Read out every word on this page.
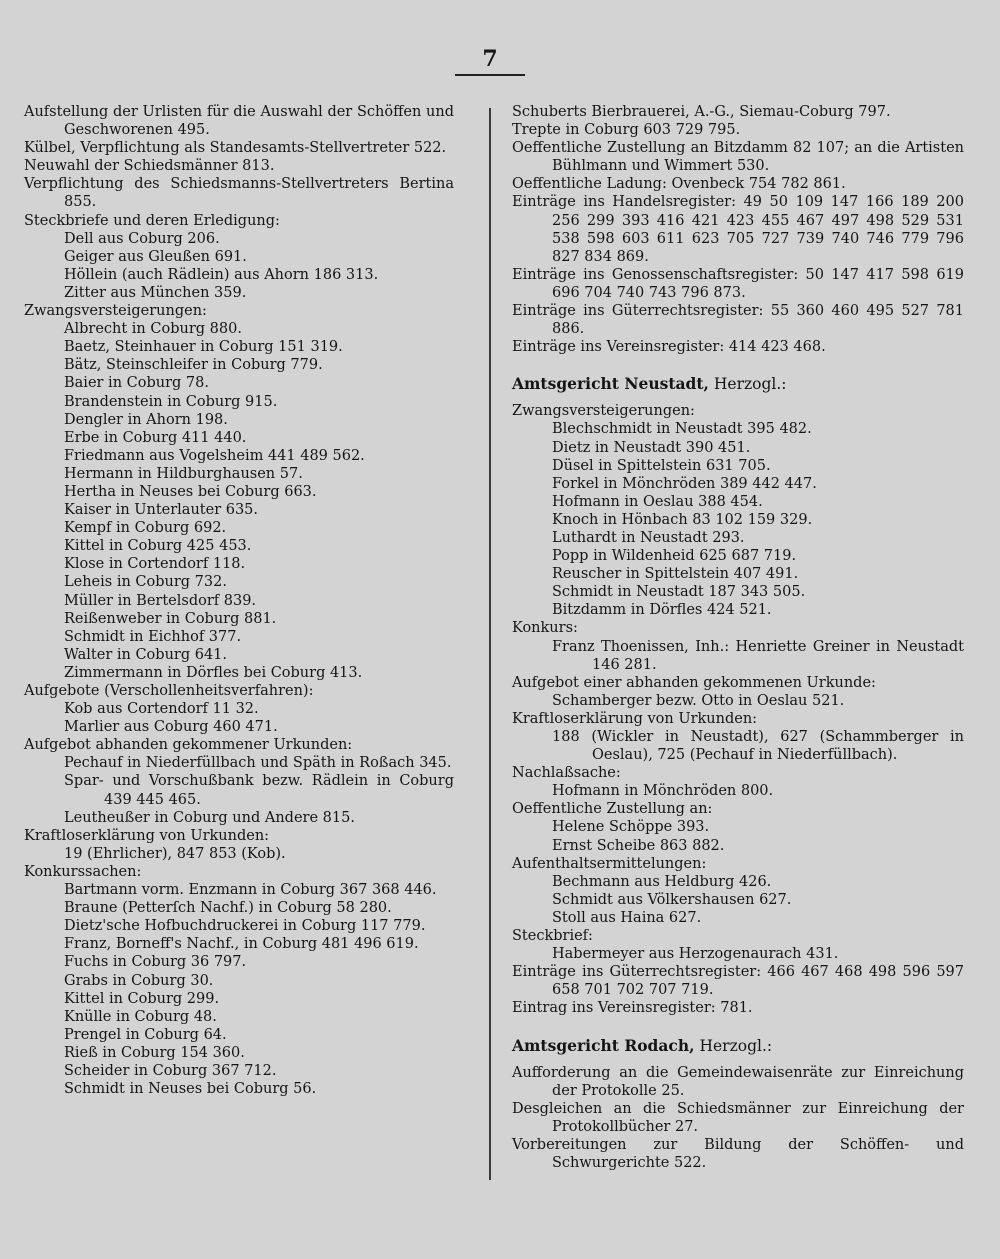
7
Aufstellung der Urlisten für die Auswahl der Schöffen und Geschworenen 495.
Külbel, Verpflichtung als Standesamts-Stellvertreter 522.
Neuwahl der Schiedsmänner 813.
Verpflichtung des Schiedsmanns-Stellvertreters Bertina 855.
Steckbriefe und deren Erledigung:
Dell aus Coburg 206.
Geiger aus Gleußen 691.
Höllein (auch Rädlein) aus Ahorn 186 313.
Zitter aus München 359.
Zwangsversteigerungen:
Albrecht in Coburg 880.
Baetz, Steinhauer in Coburg 151 319.
Bätz, Steinschleifer in Coburg 779.
Baier in Coburg 78.
Brandenstein in Coburg 915.
Dengler in Ahorn 198.
Erbe in Coburg 411 440.
Friedmann aus Vogelsheim 441 489 562.
Hermann in Hildburghausen 57.
Hertha in Neuses bei Coburg 663.
Kaiser in Unterlauter 635.
Kempf in Coburg 692.
Kittel in Coburg 425 453.
Klose in Cortendorf 118.
Leheis in Coburg 732.
Müller in Bertelsdorf 839.
Reißenweber in Coburg 881.
Schmidt in Eichhof 377.
Walter in Coburg 641.
Zimmermann in Dörfles bei Coburg 413.
Aufgebote (Verschollenheitsverfahren):
Kob aus Cortendorf 11 32.
Marlier aus Coburg 460 471.
Aufgebot abhanden gekommener Urkunden:
Pechauf in Niederfüllbach und Späth in Roßach 345.
Spar- und Vorschußbank bezw. Rädlein in Coburg 439 445 465.
Leutheußer in Coburg und Andere 815.
Kraftloserklärung von Urkunden:
19 (Ehrlicher), 847 853 (Kob).
Konkurssachen:
Bartmann vorm. Enzmann in Coburg 367 368 446.
Braune (Petterſch Nachf.) in Coburg 58 280.
Dietz'sche Hofbuchdruckerei in Coburg 117 779.
Franz, Borneff's Nachf., in Coburg 481 496 619.
Fuchs in Coburg 36 797.
Grabs in Coburg 30.
Kittel in Coburg 299.
Knülle in Coburg 48.
Prengel in Coburg 64.
Rieß in Coburg 154 360.
Scheider in Coburg 367 712.
Schmidt in Neuses bei Coburg 56.
Schuberts Bierbrauerei, A.-G., Siemau-Coburg 797.
Trepte in Coburg 603 729 795.
Oeffentliche Zustellung an Bitzdamm 82 107; an die Artisten Bühlmann und Wimmert 530.
Oeffentliche Ladung: Ovenbeck 754 782 861.
Einträge ins Handelsregister: 49 50 109 147 166 189 200 256 299 393 416 421 423 455 467 497 498 529 531 538 598 603 611 623 705 727 739 740 746 779 796 827 834 869.
Einträge ins Genossenschaftsregister: 50 147 417 598 619 696 704 740 743 796 873.
Einträge ins Güterrechtsregister: 55 360 460 495 527 781 886.
Einträge ins Vereinsregister: 414 423 468.
Amtsgericht Neustadt, Herzogl.:
Zwangsversteigerungen:
Blechschmidt in Neustadt 395 482.
Dietz in Neustadt 390 451.
Düsel in Spittelstein 631 705.
Forkel in Mönchröden 389 442 447.
Hofmann in Oeslau 388 454.
Knoch in Hönbach 83 102 159 329.
Luthardt in Neustadt 293.
Popp in Wildenheid 625 687 719.
Reuscher in Spittelstein 407 491.
Schmidt in Neustadt 187 343 505.
Bitzdamm in Dörfles 424 521.
Konkurs:
Franz Thoenissen, Inh.: Henriette Greiner in Neustadt 146 281.
Aufgebot einer abhanden gekommenen Urkunde:
Schamberger bezw. Otto in Oeslau 521.
Kraftloserklärung von Urkunden:
188 (Wickler in Neustadt), 627 (Schammberger in Oeslau), 725 (Pechauf in Niederfüllbach).
Nachlaßsache:
Hofmann in Mönchröden 800.
Oeffentliche Zustellung an:
Helene Schöppe 393.
Ernst Scheibe 863 882.
Aufenthaltsermittelungen:
Bechmann aus Heldburg 426.
Schmidt aus Völkershausen 627.
Stoll aus Haina 627.
Steckbrief:
Habermeyer aus Herzogenaurach 431.
Einträge ins Güterrechtsregister: 466 467 468 498 596 597 658 701 702 707 719.
Eintrag ins Vereinsregister: 781.
Amtsgericht Rodach, Herzogl.:
Aufforderung an die Gemeindewaisenräte zur Einreichung der Protokolle 25.
Desgleichen an die Schiedsmänner zur Einreichung der Protokollbücher 27.
Vorbereitungen zur Bildung der Schöffen- und Schwurgerichte 522.
